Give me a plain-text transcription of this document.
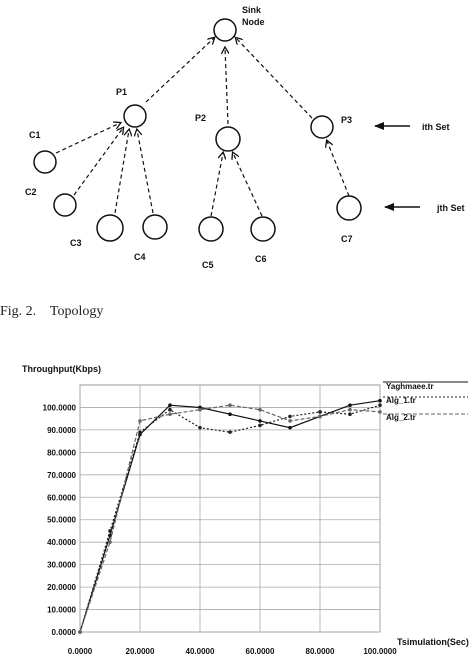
Sink Node
P1
P2	P3
C1
C2
C3
C4
C5
C6
C7
ith Set
jth Set
Fig. 2.    Topology
Throughput(Kbps)
Tsimulation(Sec)
0.0000
10.0000
20.0000
30.0000
40.0000
50.0000
60.0000
70.0000
80.0000
90.0000
100.0000
0.0000	20.0000	40.0000	60.0000	80.0000	100.0000
Yaghmaee.tr
Alg_1.tr
Alg_2.tr
